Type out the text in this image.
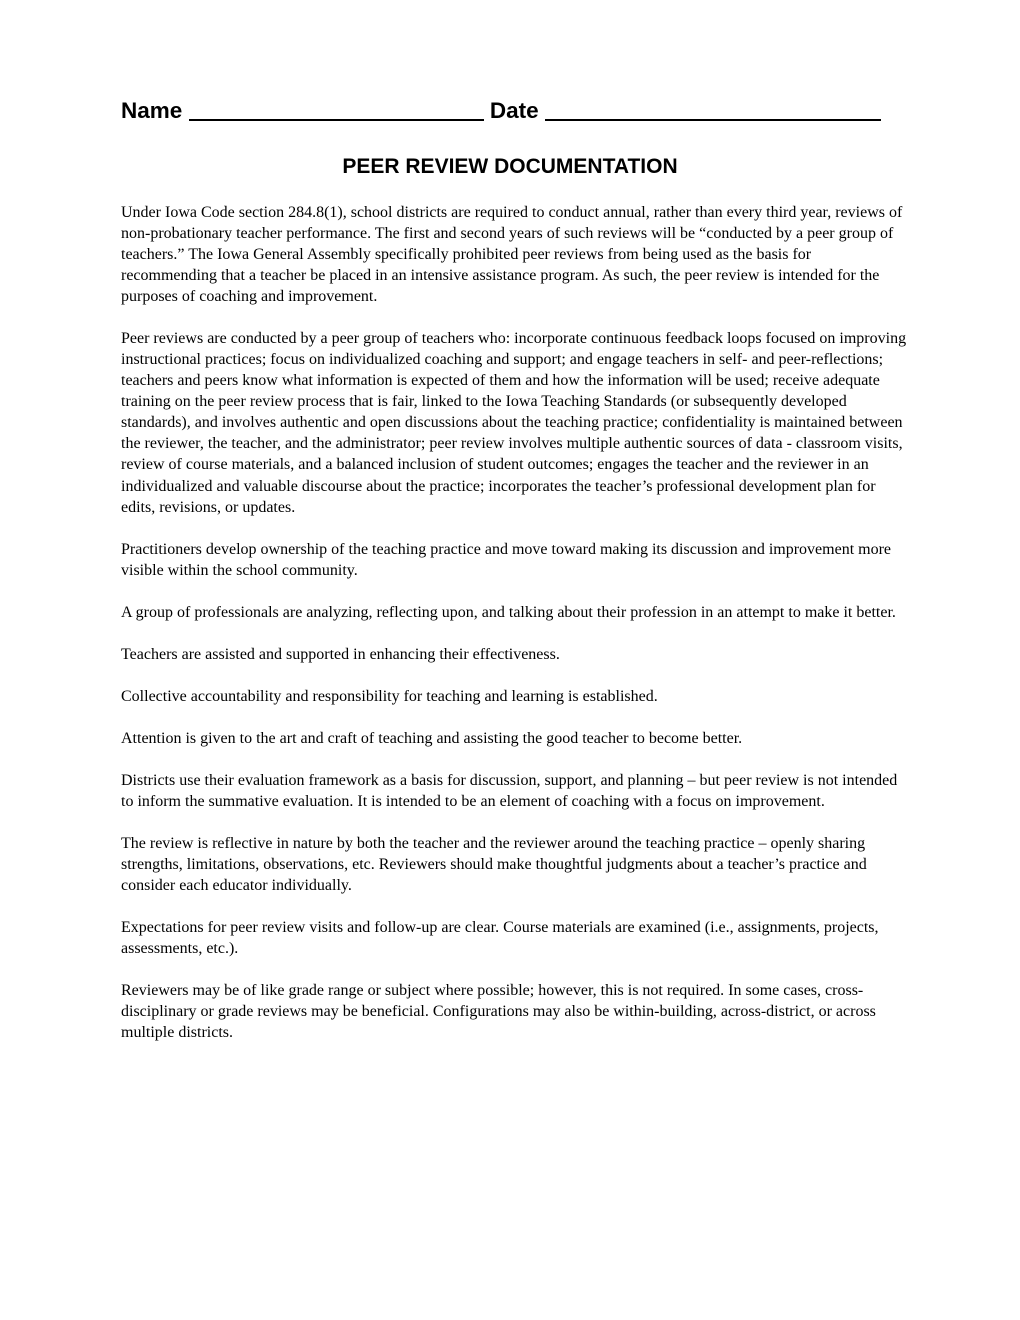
Name	Date
PEER REVIEW DOCUMENTATION

Under Iowa Code section 284.8(1), school districts are required to conduct annual, rather than every third year, reviews of non-probationary teacher performance. The first and second years of such reviews will be “conducted by a peer group of teachers.” The Iowa General Assembly specifically prohibited peer reviews from being used as the basis for recommending that a teacher be placed in an intensive assistance program. As such, the peer review is intended for the purposes of coaching and improvement.

Peer reviews are conducted by a peer group of teachers who: incorporate continuous feedback loops focused on improving instructional practices; focus on individualized coaching and support; and engage teachers in self- and peer-reflections; teachers and peers know what information is expected of them and how the information will be used; receive adequate training on the peer review process that is fair, linked to the Iowa Teaching Standards (or subsequently developed standards), and involves authentic and open discussions about the teaching practice; confidentiality is maintained between the reviewer, the teacher, and the administrator; peer review involves multiple authentic sources of data - classroom visits, review of course materials, and a balanced inclusion of student outcomes; engages the teacher and the reviewer in an individualized and valuable discourse about the practice; incorporates the teacher’s professional development plan for edits, revisions, or updates.

Practitioners develop ownership of the teaching practice and move toward making its discussion and improvement more visible within the school community.

A group of professionals are analyzing, reflecting upon, and talking about their profession in an attempt to make it better.

Teachers are assisted and supported in enhancing their effectiveness.

Collective accountability and responsibility for teaching and learning is established.

Attention is given to the art and craft of teaching and assisting the good teacher to become better.

Districts use their evaluation framework as a basis for discussion, support, and planning – but peer review is not intended to inform the summative evaluation. It is intended to be an element of coaching with a focus on improvement.

The review is reflective in nature by both the teacher and the reviewer around the teaching practice – openly sharing strengths, limitations, observations, etc. Reviewers should make thoughtful judgments about a teacher’s practice and consider each educator individually.

Expectations for peer review visits and follow-up are clear. Course materials are examined (i.e., assignments, projects, assessments, etc.).

Reviewers may be of like grade range or subject where possible; however, this is not required. In some cases, cross-disciplinary or grade reviews may be beneficial. Configurations may also be within-building, across-district, or across multiple districts.
